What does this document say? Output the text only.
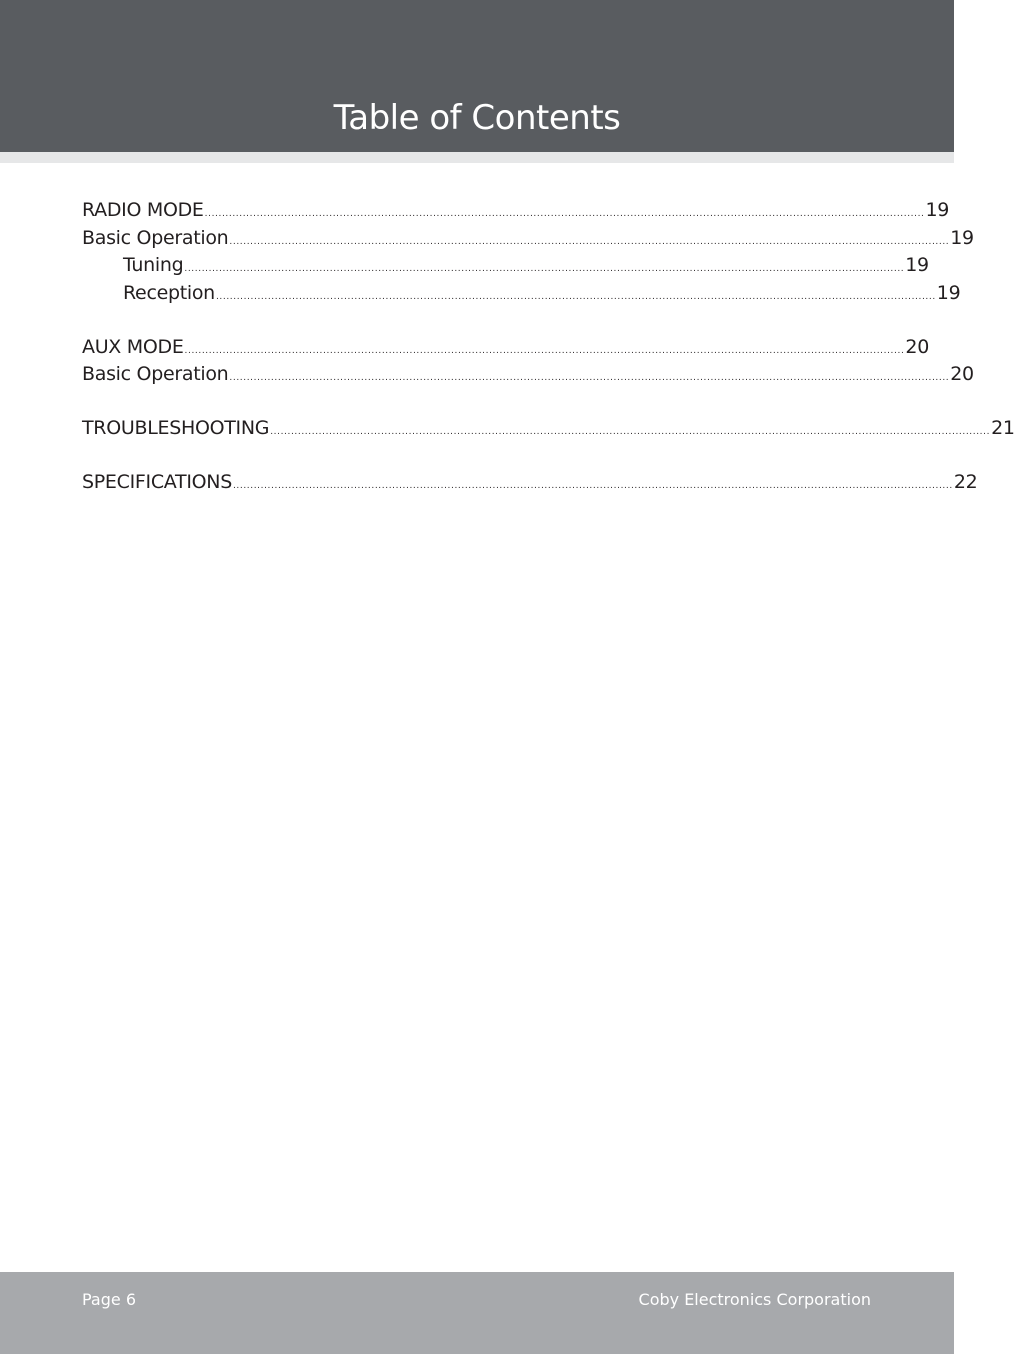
Table of Contents
RADIO MODE ................................................................................................................................................................................................................ 19
Basic Operation ................................................................................................................................................................................................................ 19
Tuning ................................................................................................................................................................................................................ 19
Reception ................................................................................................................................................................................................................ 19
AUX MODE ................................................................................................................................................................................................................ 20
Basic Operation ................................................................................................................................................................................................................ 20
TROUBLESHOOTING ................................................................................................................................................................................................................ 21
SPECIFICATIONS ................................................................................................................................................................................................................ 22
Page 6	Coby Electronics Corporation
